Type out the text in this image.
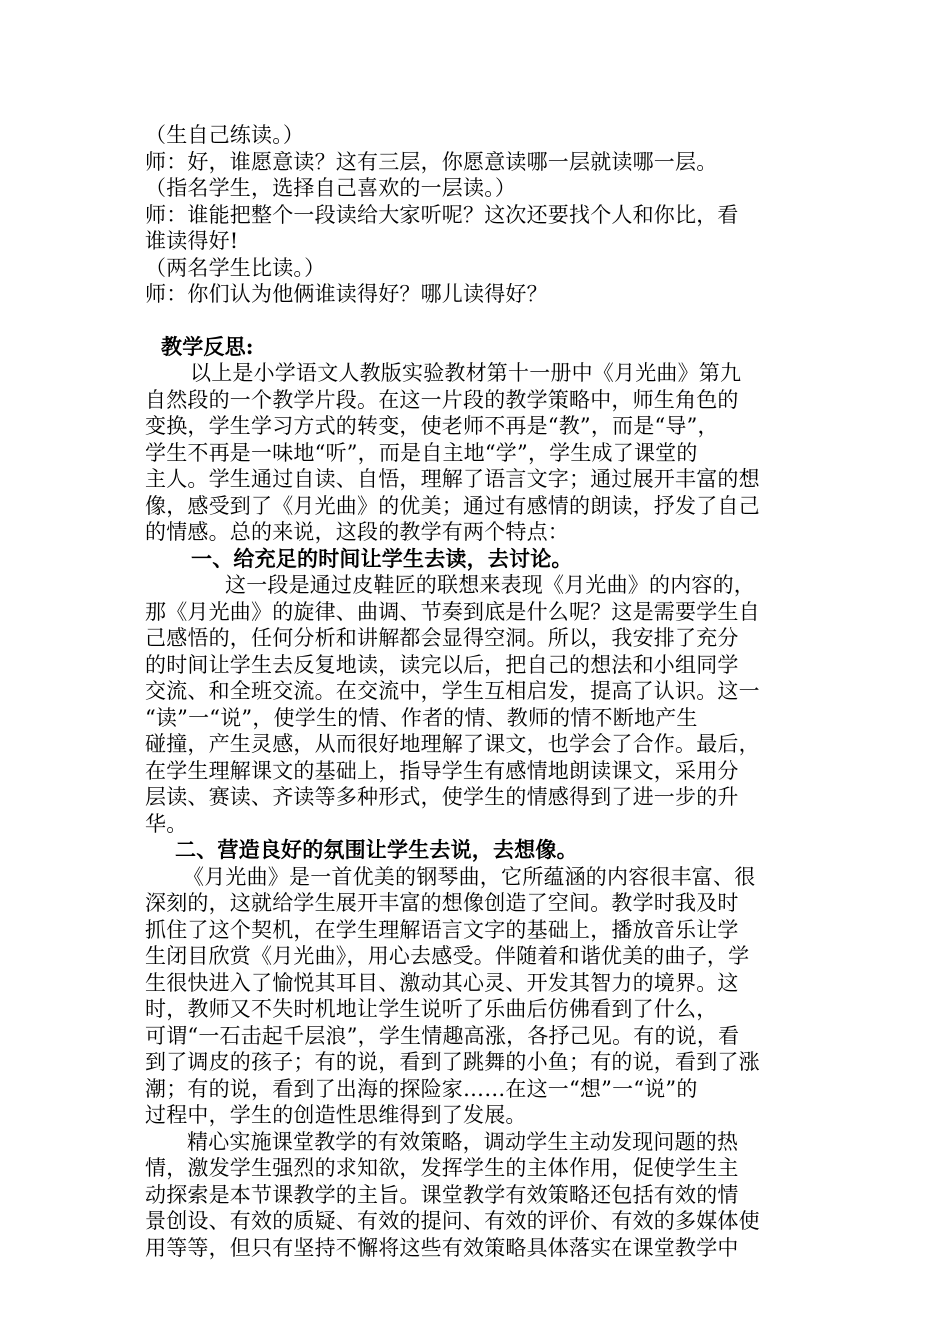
（生自己练读。）
师：好，谁愿意读？这有三层，你愿意读哪一层就读哪一层。
（指名学生，选择自己喜欢的一层读。）
师：谁能把整个一段读给大家听呢？这次还要找个人和你比，看
谁读得好!
（两名学生比读。）
师：你们认为他俩谁读得好？哪儿读得好？
教学反思:
以上是小学语文人教版实验教材第十一册中《月光曲》第九
自然段的一个教学片段。在这一片段的教学策略中，师生角色的
变换，学生学习方式的转变，使老师不再是“教”，而是“导”，
学生不再是一味地“听”，而是自主地“学”，学生成了课堂的
主人。学生通过自读、自悟，理解了语言文字；通过展开丰富的想
像，感受到了《月光曲》的优美；通过有感情的朗读，抒发了自己
的情感。总的来说，这段的教学有两个特点：
一、给充足的时间让学生去读，去讨论。
这一段是通过皮鞋匠的联想来表现《月光曲》的内容的，
那《月光曲》的旋律、曲调、节奏到底是什么呢？这是需要学生自
己感悟的，任何分析和讲解都会显得空洞。所以，我安排了充分
的时间让学生去反复地读，读完以后，把自己的想法和小组同学
交流、和全班交流。在交流中，学生互相启发，提高了认识。这一
“读”一“说”，使学生的情、作者的情、教师的情不断地产生
碰撞，产生灵感，从而很好地理解了课文，也学会了合作。最后，
在学生理解课文的基础上，指导学生有感情地朗读课文，采用分
层读、赛读、齐读等多种形式，使学生的情感得到了进一步的升
华。
二、营造良好的氛围让学生去说，去想像。
《月光曲》是一首优美的钢琴曲，它所蕴涵的内容很丰富、很
深刻的，这就给学生展开丰富的想像创造了空间。教学时我及时
抓住了这个契机，在学生理解语言文字的基础上，播放音乐让学
生闭目欣赏《月光曲》，用心去感受。伴随着和谐优美的曲子，学
生很快进入了愉悦其耳目、激动其心灵、开发其智力的境界。这
时，教师又不失时机地让学生说听了乐曲后仿佛看到了什么，
可谓“一石击起千层浪”，学生情趣高涨，各抒己见。有的说，看
到了调皮的孩子；有的说，看到了跳舞的小鱼；有的说，看到了涨
潮；有的说，看到了出海的探险家……在这一“想”一“说”的
过程中，学生的创造性思维得到了发展。
精心实施课堂教学的有效策略，调动学生主动发现问题的热
情，激发学生强烈的求知欲，发挥学生的主体作用，促使学生主
动探索是本节课教学的主旨。课堂教学有效策略还包括有效的情
景创设、有效的质疑、有效的提问、有效的评价、有效的多媒体使
用等等，但只有坚持不懈将这些有效策略具体落实在课堂教学中
